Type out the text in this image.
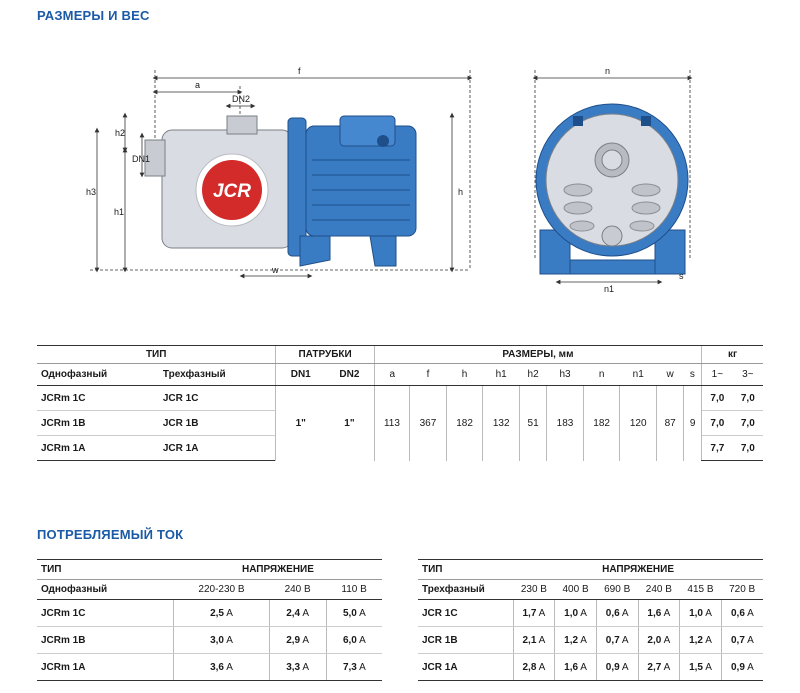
РАЗМЕРЫ И ВЕС
JCR
f
a
DN2
h2
DN1
h3
h1
h
w
n
n1
s
ТИП		ПАТРУБКИ		РАЗМЕРЫ, мм										кг	
Однофазный	Трехфазный	DN1	DN2	a	f	h	h1	h2	h3	n	n1	w	s	1~	3~
JCRm 1C	JCR 1C	1"	1"	113	367	182	132	51	183	182	120	87	9	7,0	7,0
JCRm 1B	JCR 1B													7,0	7,0
JCRm 1A	JCR 1A													7,7	7,0
ПОТРЕБЛЯЕМЫЙ ТОК
ТИП	НАПРЯЖЕНИЕ		
Однофазный	220-230 В	240 В	110 В
JCRm 1C	2,5 A	2,4 A	5,0 A
JCRm 1B	3,0 A	2,9 A	6,0 A
JCRm 1A	3,6 A	3,3 A	7,3 A
ТИП	НАПРЯЖЕНИЕ					
Трехфазный	230 В	400 В	690 В	240 В	415 В	720 В
JCR 1C	1,7 A	1,0 A	0,6 A	1,6 A	1,0 A	0,6 A
JCR 1B	2,1 A	1,2 A	0,7 A	2,0 A	1,2 A	0,7 A
JCR 1A	2,8 A	1,6 A	0,9 A	2,7 A	1,5 A	0,9 A
